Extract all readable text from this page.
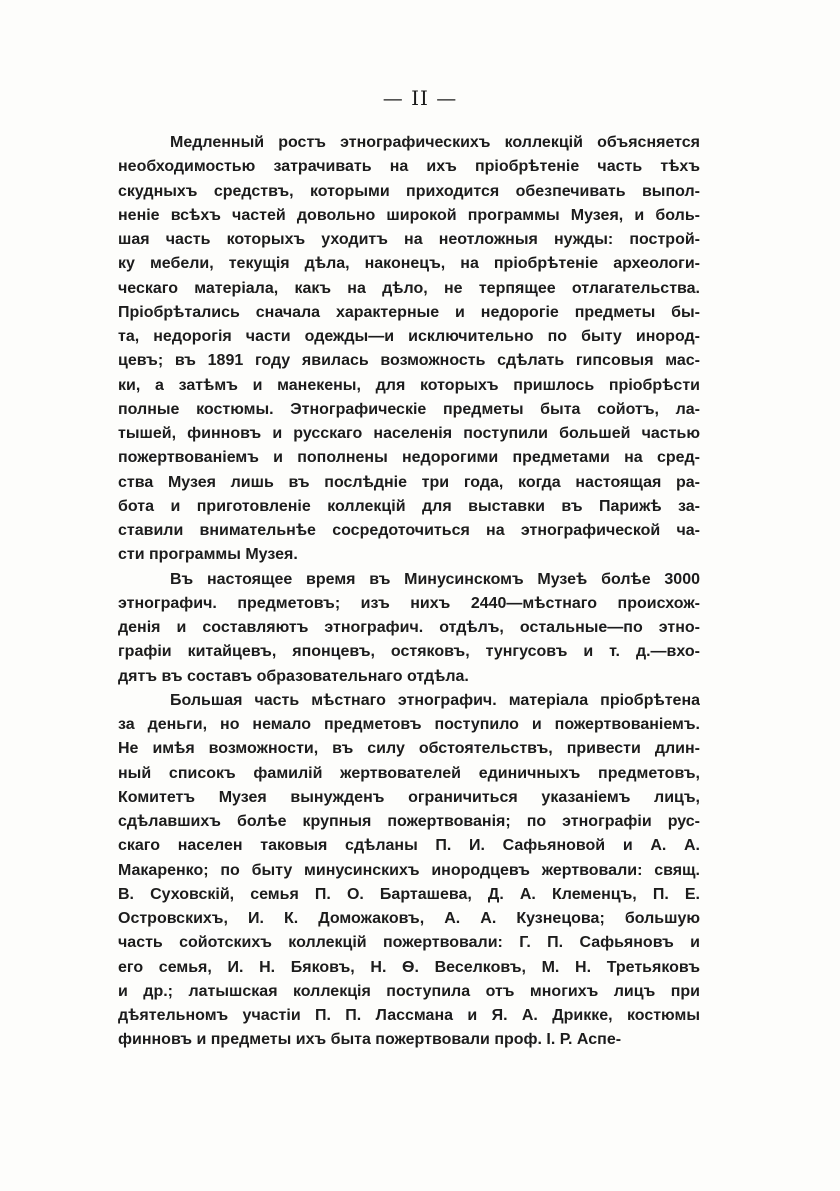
— II —
Медленный ростъ этнографическихъ коллекцій объясняется
необходимостью затрачивать на ихъ пріобрѣтеніе часть тѣхъ
скудныхъ средствъ, которыми приходится обезпечивать выпол-
неніе всѣхъ частей довольно широкой программы Музея, и боль-
шая часть которыхъ уходитъ на неотложныя нужды: построй-
ку мебели, текущія дѣла, наконецъ, на пріобрѣтеніе археологи-
ческаго матеріала, какъ на дѣло, не терпящее отлагательства.
Пріобрѣтались сначала характерные и недорогіе предметы бы-
та, недорогія части одежды—и исключительно по быту инород-
цевъ; въ 1891 году явилась возможность сдѣлать гипсовыя мас-
ки, а затѣмъ и манекены, для которыхъ пришлось пріобрѣсти
полные костюмы. Этнографическіе предметы быта сойотъ, ла-
тышей, финновъ и русскаго населенія поступили большей частью
пожертвованіемъ и пополнены недорогими предметами на сред-
ства Музея лишь въ послѣдніе три года, когда настоящая ра-
бота и приготовленіе коллекцій для выставки въ Парижѣ за-
ставили внимательнѣе сосредоточиться на этнографической ча-
сти программы Музея.
Въ настоящее время въ Минусинскомъ Музеѣ болѣе 3000
этнографич. предметовъ; изъ нихъ 2440—мѣстнаго происхож-
денія и составляютъ этнографич. отдѣлъ, остальные—по этно-
графіи китайцевъ, японцевъ, остяковъ, тунгусовъ и т. д.—вхо-
дятъ въ составъ образовательнаго отдѣла.
Большая часть мѣстнаго этнографич. матеріала пріобрѣтена
за деньги, но немало предметовъ поступило и пожертвованіемъ.
Не имѣя возможности, въ силу обстоятельствъ, привести длин-
ный списокъ фамилій жертвователей единичныхъ предметовъ,
Комитетъ Музея вынужденъ ограничиться указаніемъ лицъ,
сдѣлавшихъ болѣе крупныя пожертвованія; по этнографіи рус-
скаго населен таковыя сдѣланы П. И. Сафьяновой и А. А.
Макаренко; по быту минусинскихъ инородцевъ жертвовали: свящ.
В. Суховскій, семья П. О. Барташева, Д. А. Клеменцъ, П. Е.
Островскихъ, И. К. Доможаковъ, А. А. Кузнецова; большую
часть сойотскихъ коллекцій пожертвовали: Г. П. Сафьяновъ и
его семья, И. Н. Бяковъ, Н. Ѳ. Веселковъ, М. Н. Третьяковъ
и др.; латышская коллекція поступила отъ многихъ лицъ при
дѣятельномъ участіи П. П. Лассмана и Я. А. Дрикке, костюмы
финновъ и предметы ихъ быта пожертвовали проф. І. Р. Аспе-
